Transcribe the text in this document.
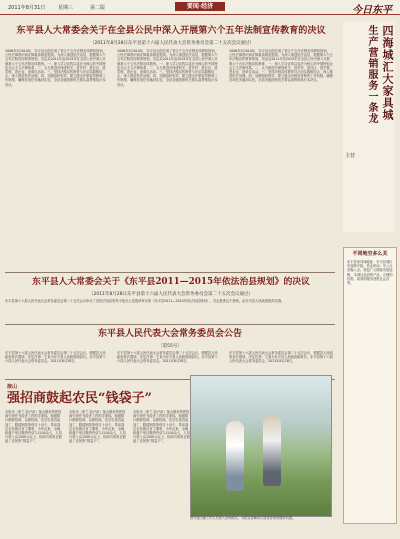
2011年8月31日	星期三	第二版	要闻·经济	今日东平
东平县人大常委会关于在全县公民中深入开展第六个五年法制宣传教育的决议
（2011年8月28日东平县第十六届人民代表大会常务委员会第二十五次会议通过）
2006年至2010年，东平县全面完成了第五个五年法制宣传教育规划，公民法律意识和法律素质明显提高。为深入推进依法治县，根据第六个五年法制宣传教育规划，决定从2011年至2015年在全县公民中深入开展第六个五年法制宣传教育。一、深入学习宣传以宪法为核心的中国特色社会主义法律体系。二、大力推进法律进机关、进乡村、进社区、进学校、进企业、进单位活动。三、坚持法制宣传教育与法治实践相结合，深入推进依法治理。四、加强组织领导，建立健全法制宣传教育工作机制，确保各项任务落到实处。全县各级国家机关要认真贯彻执行本决议。
2006年至2010年，东平县全面完成了第五个五年法制宣传教育规划，公民法律意识和法律素质明显提高。为深入推进依法治县，根据第六个五年法制宣传教育规划，决定从2011年至2015年在全县公民中深入开展第六个五年法制宣传教育。一、深入学习宣传以宪法为核心的中国特色社会主义法律体系。二、大力推进法律进机关、进乡村、进社区、进学校、进企业、进单位活动。三、坚持法制宣传教育与法治实践相结合，深入推进依法治理。四、加强组织领导，建立健全法制宣传教育工作机制，确保各项任务落到实处。全县各级国家机关要认真贯彻执行本决议。
2006年至2010年，东平县全面完成了第五个五年法制宣传教育规划，公民法律意识和法律素质明显提高。为深入推进依法治县，根据第六个五年法制宣传教育规划，决定从2011年至2015年在全县公民中深入开展第六个五年法制宣传教育。一、深入学习宣传以宪法为核心的中国特色社会主义法律体系。二、大力推进法律进机关、进乡村、进社区、进学校、进企业、进单位活动。三、坚持法制宣传教育与法治实践相结合，深入推进依法治理。四、加强组织领导，建立健全法制宣传教育工作机制，确保各项任务落到实处。全县各级国家机关要认真贯彻执行本决议。
东平县人大常委会关于《东平县2011—2015年依法治县规划》的决议
（2011年8月28日东平县第十六届人民代表大会常务委员会第二十五次会议通过）
东平县第十六届人民代表大会常务委员会第二十五次会议审议了县依法治县领导小组办公室提请审议的《东平县2011—2015年依法治县规划》，决定批准这个规划，由东平县人民政府组织实施。
东平县人民代表大会常务委员会公告
〔第55号〕
东平县第十六届人民代表大会常务委员会第二十五次会议，根据县人民政府县长提请，决定任命：王某为东平县人民政府副县长。东平县第十六届人民代表大会常务委员会，2011年8月28日。
东平县第十六届人民代表大会常务委员会第二十五次会议，根据县人民政府县长提请，决定任命：王某为东平县人民政府副县长。东平县第十六届人民代表大会常务委员会，2011年8月28日。
东平县第十六届人民代表大会常务委员会第二十五次会议，根据县人民政府县长提请，决定任命：王某为东平县人民政府副县长。东平县第十六届人民代表大会常务委员会，2011年8月28日。
接山
强招商鼓起农民“钱袋子”
本报讯（张兰 曲兴泉）接山镇坚持把招商引资作为经济工作的生命线，积极推行精准招商、以商招商，先后引进食品加工、服装制造等项目十余个，带动周边农民就近务工增收。今年以来，全镇新落户项目吸纳劳动力1200余人，人均月收入达1500元以上，招商引资真正鼓起了农民的“钱袋子”。
本报讯（张兰 曲兴泉）接山镇坚持把招商引资作为经济工作的生命线，积极推行精准招商、以商招商，先后引进食品加工、服装制造等项目十余个，带动周边农民就近务工增收。今年以来，全镇新落户项目吸纳劳动力1200余人，人均月收入达1500元以上，招商引资真正鼓起了农民的“钱袋子”。
本报讯（张兰 曲兴泉）接山镇坚持把招商引资作为经济工作的生命线，积极推行精准招商、以商招商，先后引进食品加工、服装制造等项目十余个，带动周边农民就近务工增收。今年以来，全镇新落户项目吸纳劳动力1200余人，人均月收入达1500元以上，招商引资真正鼓起了农民的“钱袋子”。
图为接山镇工作人员深入田间地头，为群众讲解项目建设带来的增收机遇。
四海城汇大家具城
生产营销服务一条龙
主营
不同地空多么关
东平县家具城地址：东平县城区东原路中段。营业时间：早八点至晚八点。欢迎广大顾客光临选购，本城以优质的产品、合理的价格、周到的服务回报社会各界。
